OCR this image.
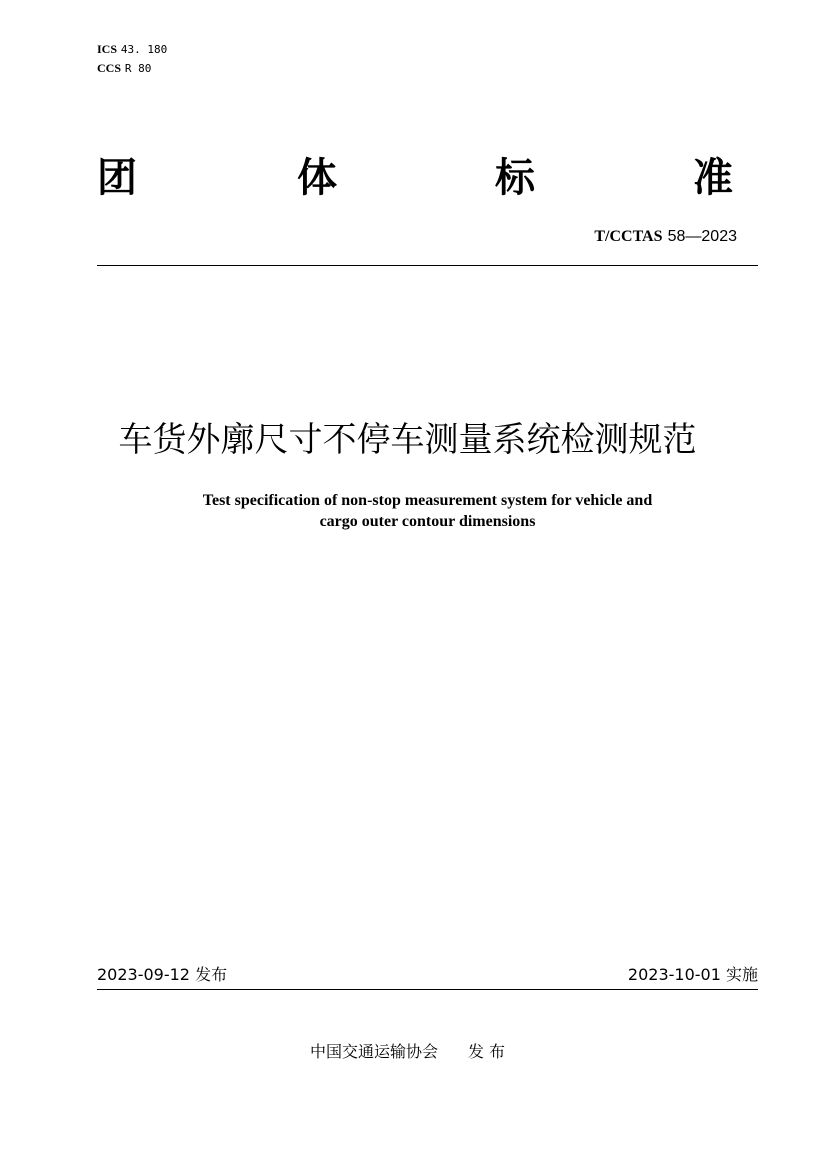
ICS 43. 180
CCS R 80
团	体	标	准
T/CCTAS 58—2023
车货外廓尺寸不停车测量系统检测规范
Test specification of non-stop measurement system for vehicle and
cargo outer contour dimensions
2023-09-12 发布	2023-10-01 实施
中国交通运输协会 发 布
